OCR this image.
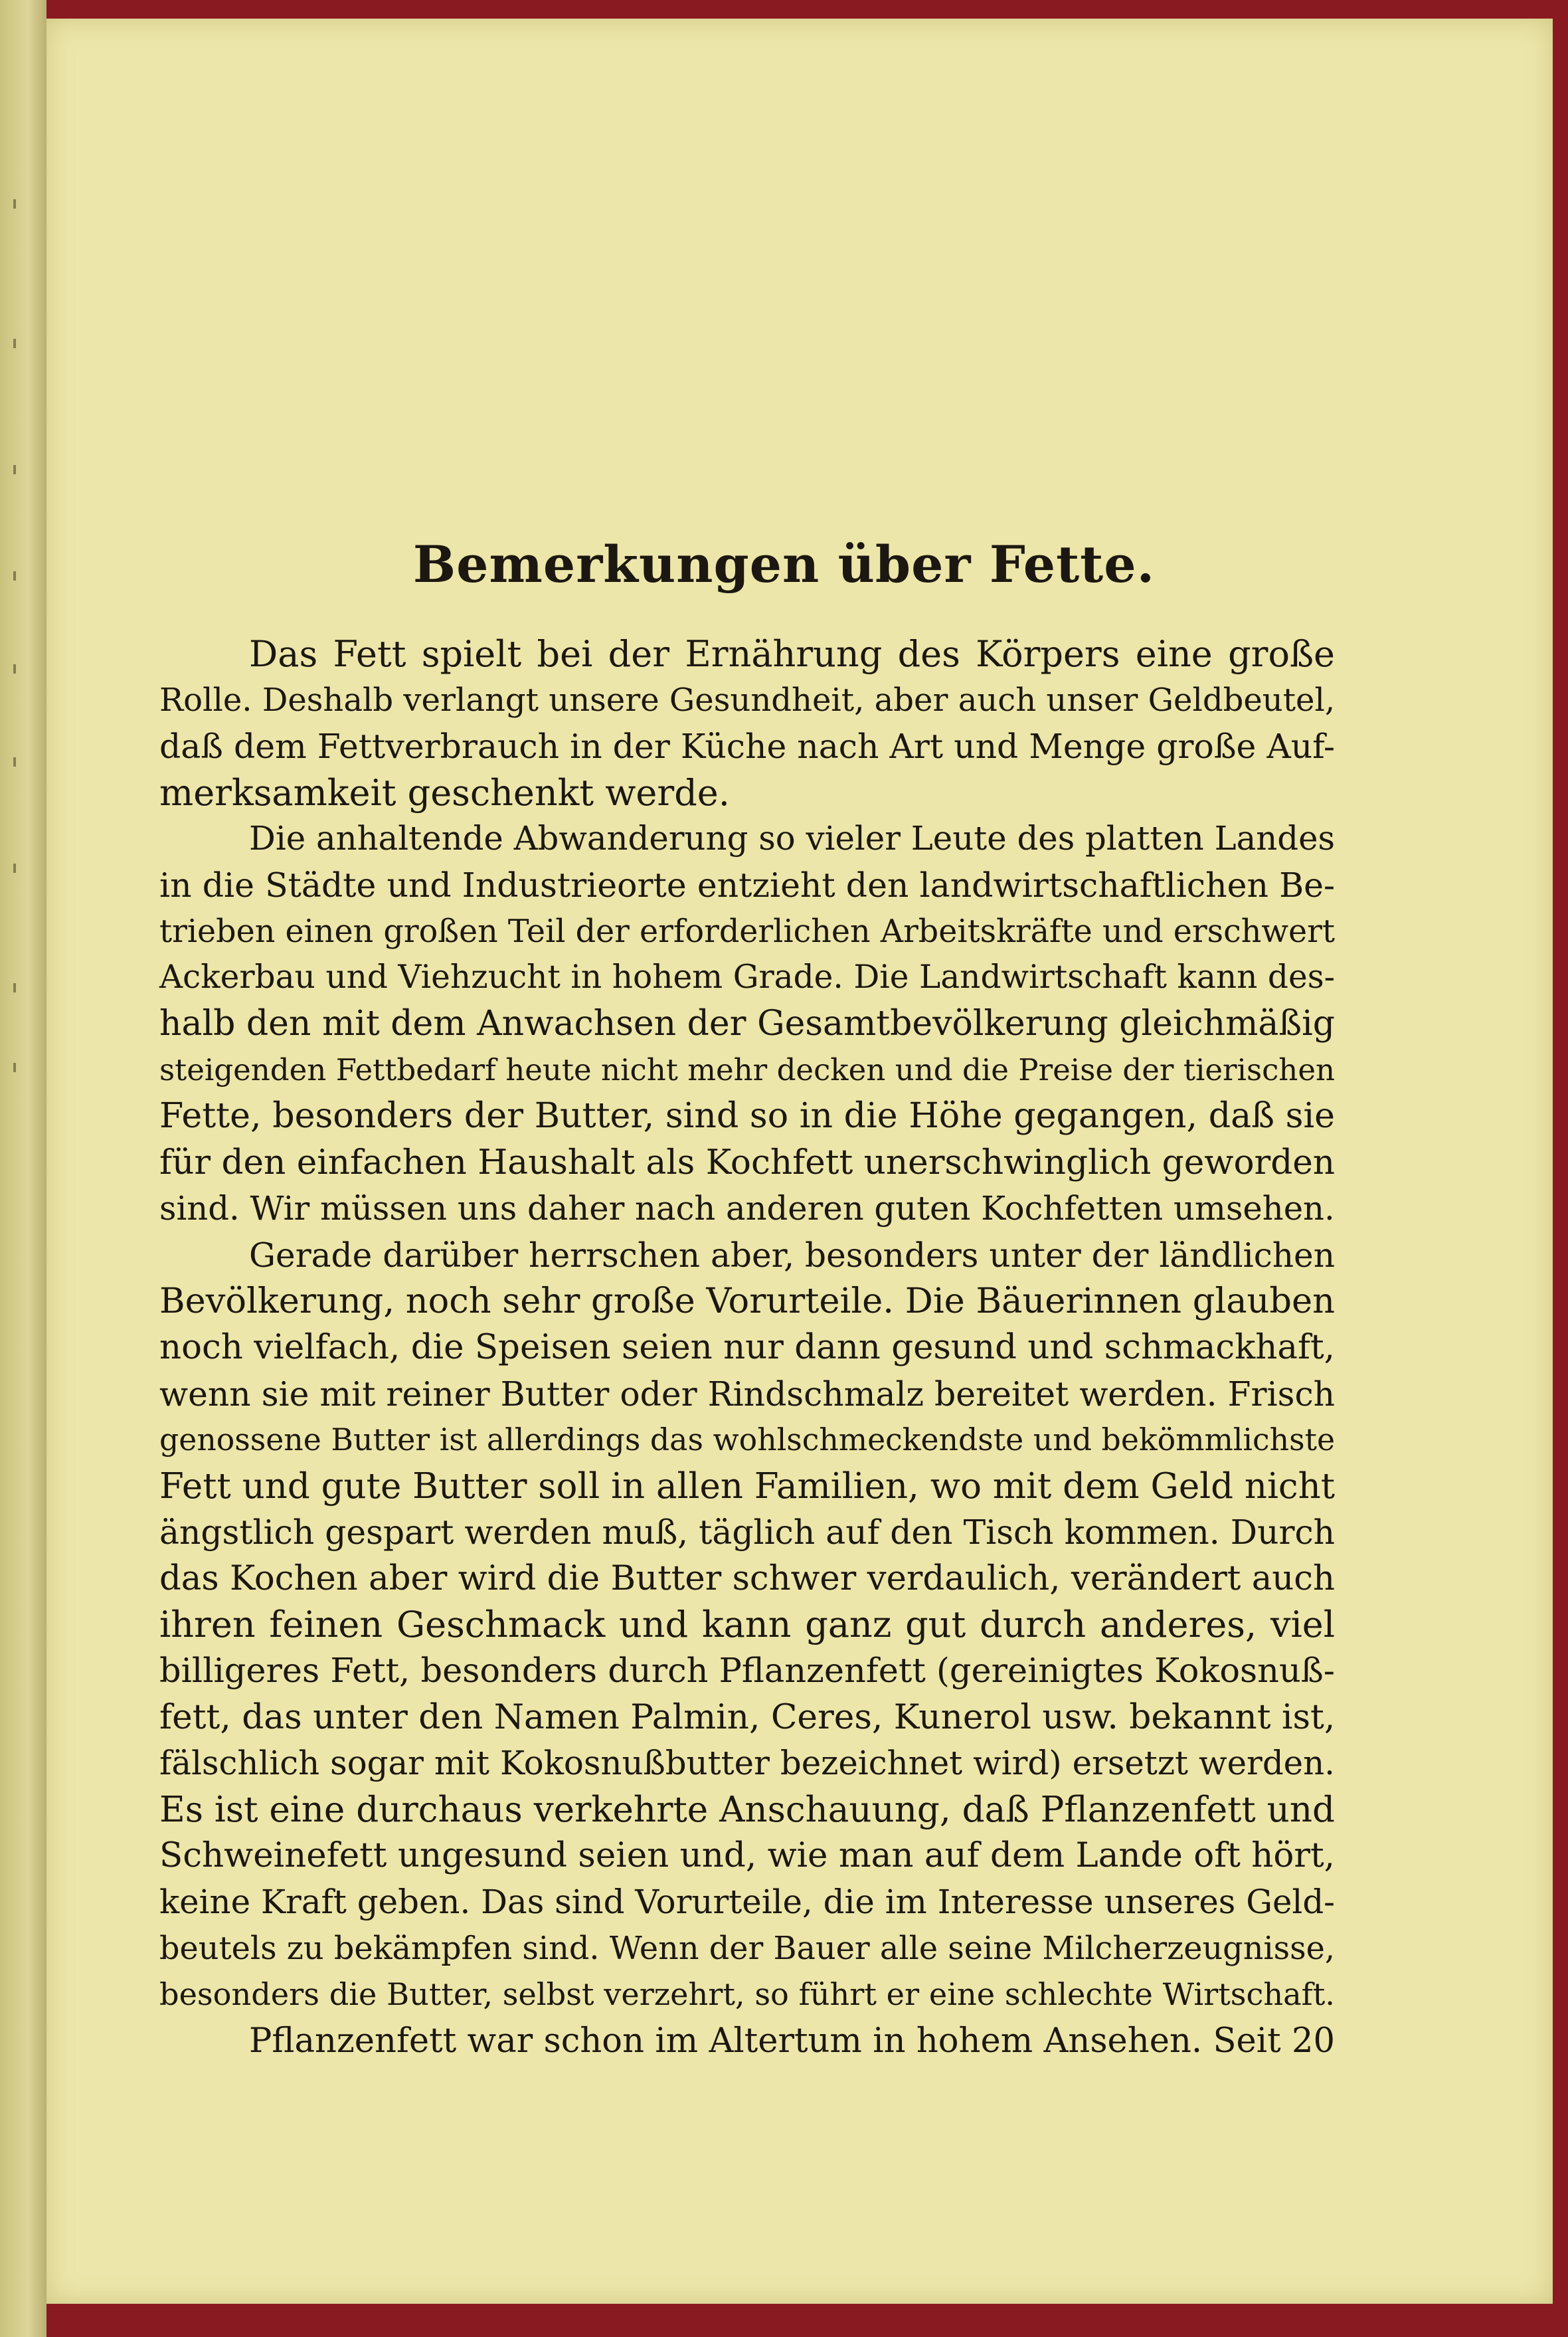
Bemerkungen über Fette.
Das Fett spielt bei der Ernährung des Körpers eine große
Rolle. Deshalb verlangt unsere Gesundheit, aber auch unser Geldbeutel,
daß dem Fettverbrauch in der Küche nach Art und Menge große Auf-
merksamkeit geschenkt werde.
Die anhaltende Abwanderung so vieler Leute des platten Landes
in die Städte und Industrieorte entzieht den landwirtschaftlichen Be-
trieben einen großen Teil der erforderlichen Arbeitskräfte und erschwert
Ackerbau und Viehzucht in hohem Grade. Die Landwirtschaft kann des-
halb den mit dem Anwachsen der Gesamtbevölkerung gleichmäßig
steigenden Fettbedarf heute nicht mehr decken und die Preise der tierischen
Fette, besonders der Butter, sind so in die Höhe gegangen, daß sie
für den einfachen Haushalt als Kochfett unerschwinglich geworden
sind. Wir müssen uns daher nach anderen guten Kochfetten umsehen.
Gerade darüber herrschen aber, besonders unter der ländlichen
Bevölkerung, noch sehr große Vorurteile. Die Bäuerinnen glauben
noch vielfach, die Speisen seien nur dann gesund und schmackhaft,
wenn sie mit reiner Butter oder Rindschmalz bereitet werden. Frisch
genossene Butter ist allerdings das wohlschmeckendste und bekömmlichste
Fett und gute Butter soll in allen Familien, wo mit dem Geld nicht
ängstlich gespart werden muß, täglich auf den Tisch kommen. Durch
das Kochen aber wird die Butter schwer verdaulich, verändert auch
ihren feinen Geschmack und kann ganz gut durch anderes, viel
billigeres Fett, besonders durch Pflanzenfett (gereinigtes Kokosnuß-
fett, das unter den Namen Palmin, Ceres, Kunerol usw. bekannt ist,
fälschlich sogar mit Kokosnußbutter bezeichnet wird) ersetzt werden.
Es ist eine durchaus verkehrte Anschauung, daß Pflanzenfett und
Schweinefett ungesund seien und, wie man auf dem Lande oft hört,
keine Kraft geben. Das sind Vorurteile, die im Interesse unseres Geld-
beutels zu bekämpfen sind. Wenn der Bauer alle seine Milcherzeugnisse,
besonders die Butter, selbst verzehrt, so führt er eine schlechte Wirtschaft.
Pflanzenfett war schon im Altertum in hohem Ansehen. Seit 20
